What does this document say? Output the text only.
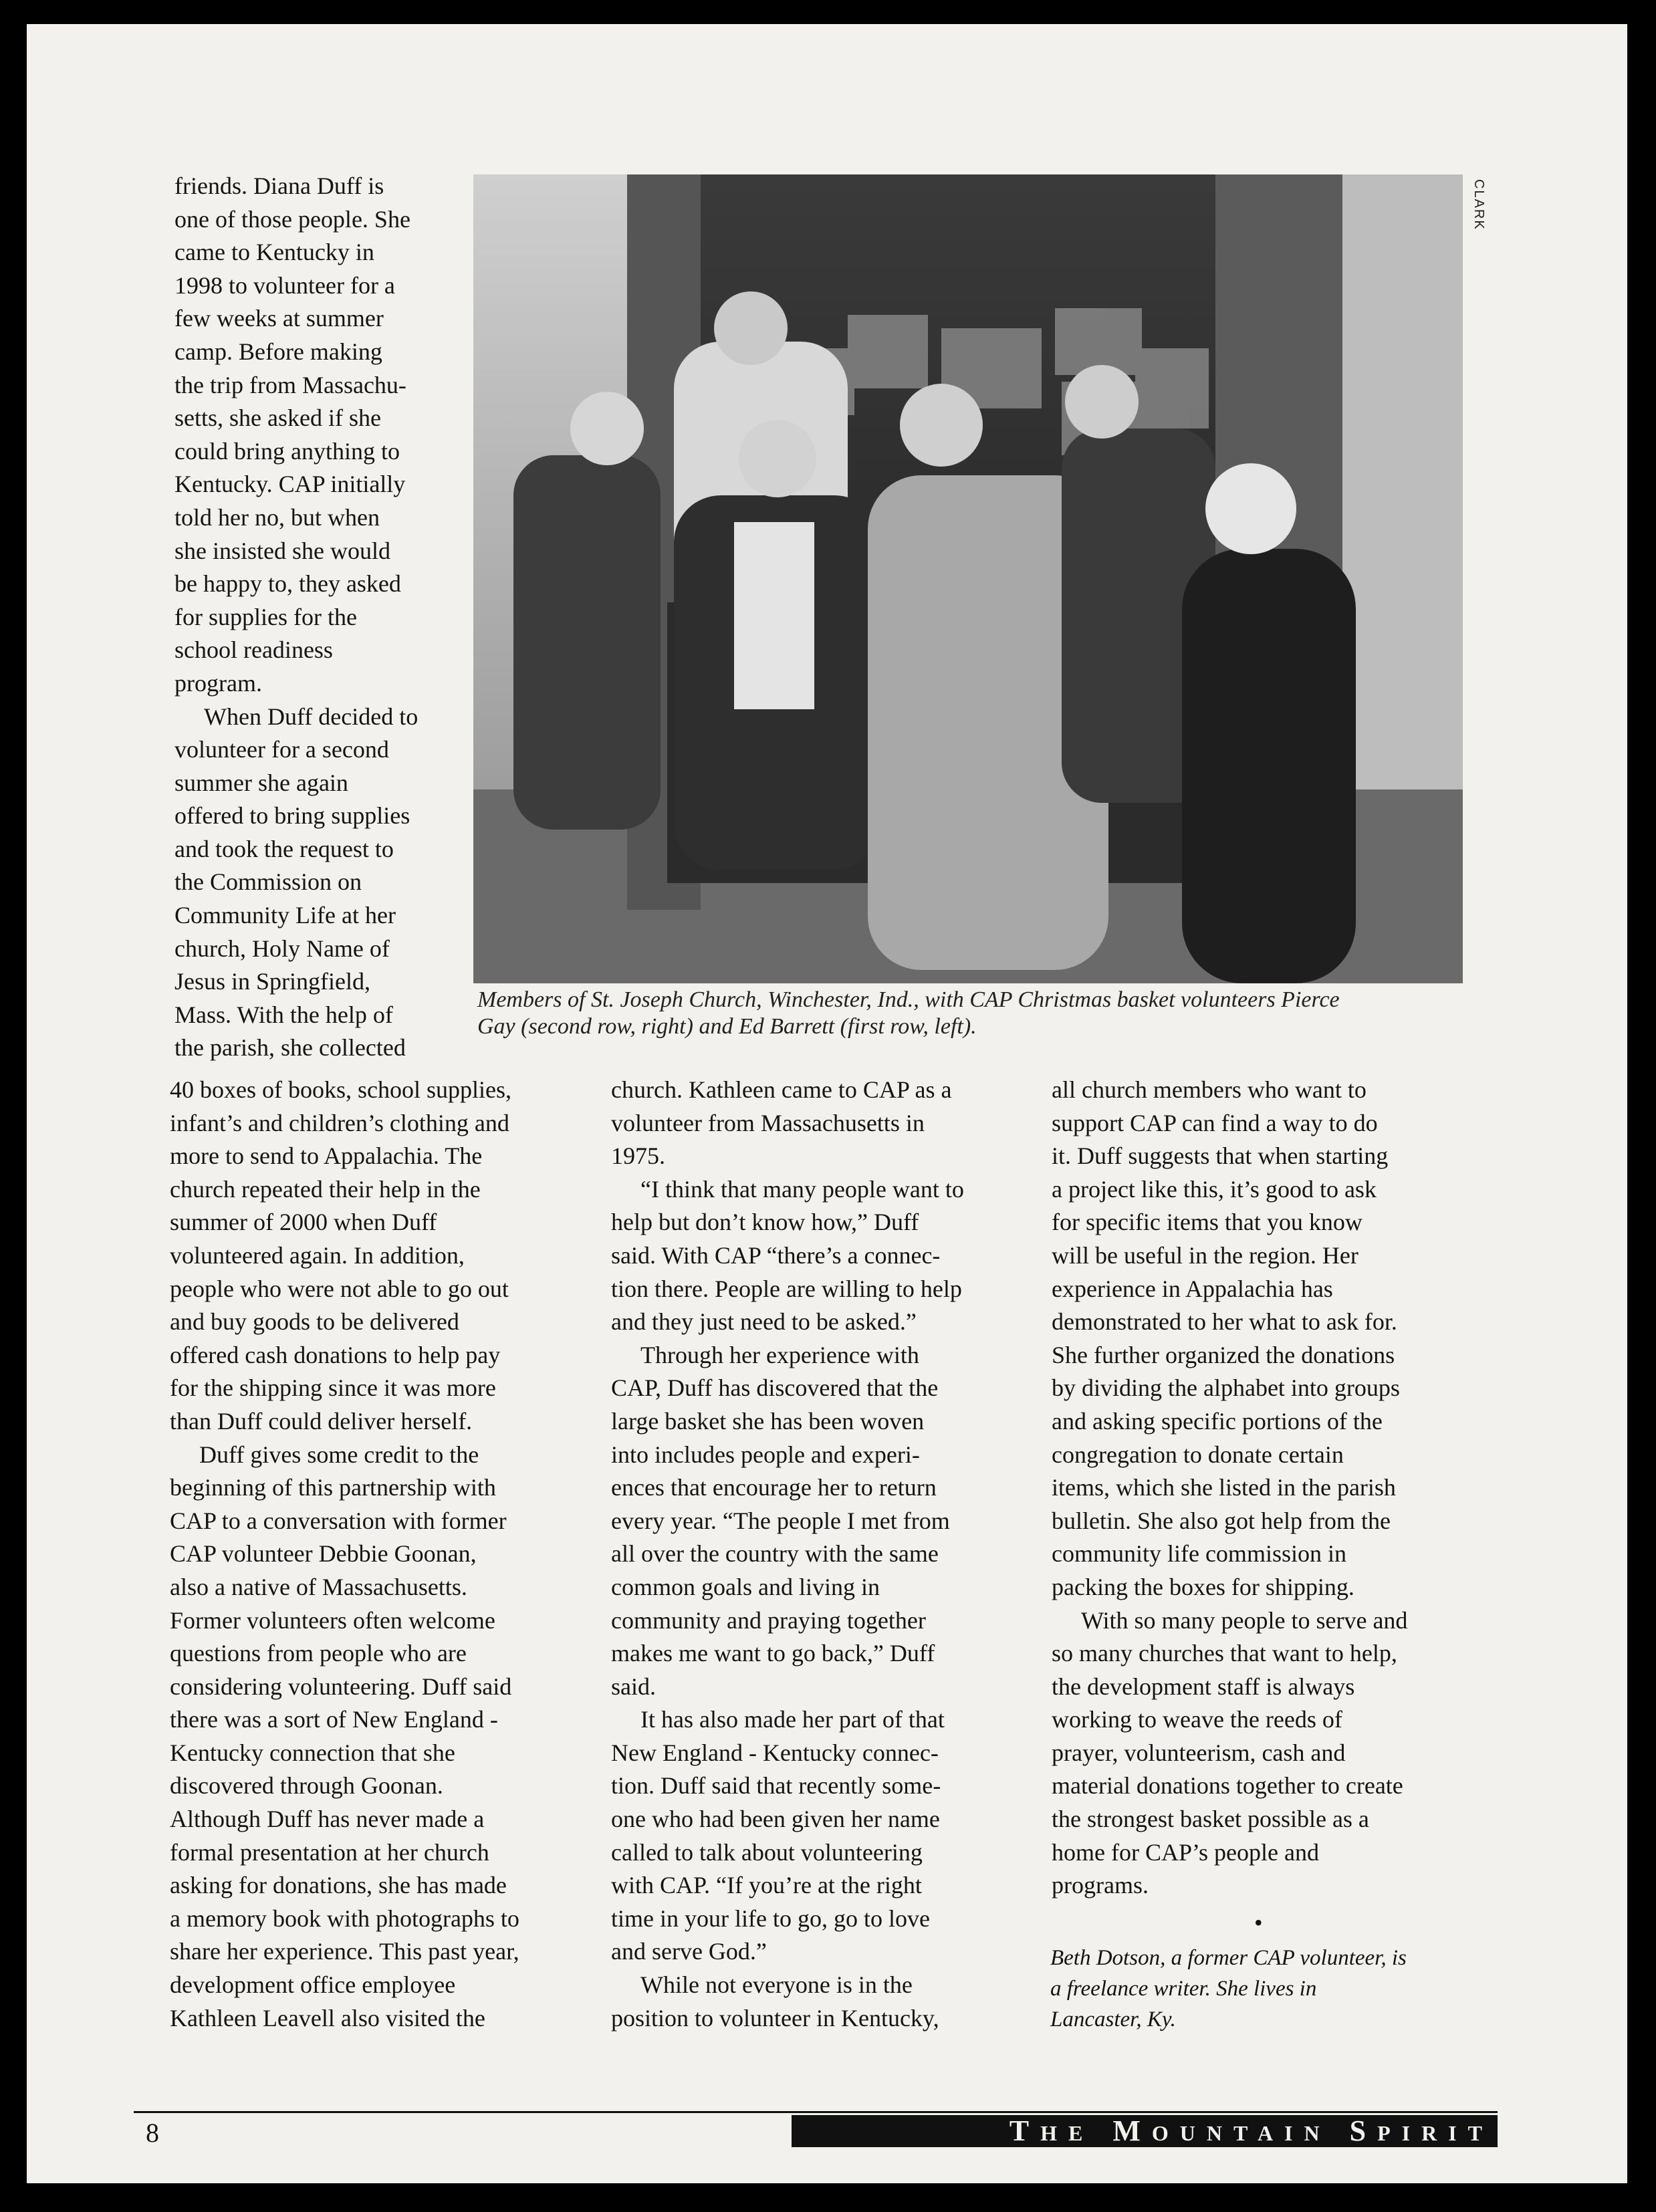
friends. Diana Duff is
one of those people. She
came to Kentucky in
1998 to volunteer for a
few weeks at summer
camp. Before making
the trip from Massachu-
setts, she asked if she
could bring anything to
Kentucky. CAP initially
told her no, but when
she insisted she would
be happy to, they asked
for supplies for the
school readiness
program.

When Duff decided to
volunteer for a second
summer she again
offered to bring supplies
and took the request to
the Commission on
Community Life at her
church, Holy Name of
Jesus in Springfield,
Mass. With the help of
the parish, she collected

CLARK
Members of St. Joseph Church, Winchester, Ind., with CAP Christmas basket volunteers Pierce
Gay (second row, right) and Ed Barrett (first row, left).

40 boxes of books, school supplies,
infant’s and children’s clothing and
more to send to Appalachia. The
church repeated their help in the
summer of 2000 when Duff
volunteered again. In addition,
people who were not able to go out
and buy goods to be delivered
offered cash donations to help pay
for the shipping since it was more
than Duff could deliver herself.

Duff gives some credit to the
beginning of this partnership with
CAP to a conversation with former
CAP volunteer Debbie Goonan,
also a native of Massachusetts.
Former volunteers often welcome
questions from people who are
considering volunteering. Duff said
there was a sort of New England -
Kentucky connection that she
discovered through Goonan.
Although Duff has never made a
formal presentation at her church
asking for donations, she has made
a memory book with photographs to
share her experience. This past year,
development office employee
Kathleen Leavell also visited the

church. Kathleen came to CAP as a
volunteer from Massachusetts in
1975.

“I think that many people want to
help but don’t know how,” Duff
said. With CAP “there’s a connec-
tion there. People are willing to help
and they just need to be asked.”

Through her experience with
CAP, Duff has discovered that the
large basket she has been woven
into includes people and experi-
ences that encourage her to return
every year. “The people I met from
all over the country with the same
common goals and living in
community and praying together
makes me want to go back,” Duff
said.

It has also made her part of that
New England - Kentucky connec-
tion. Duff said that recently some-
one who had been given her name
called to talk about volunteering
with CAP. “If you’re at the right
time in your life to go, go to love
and serve God.”

While not everyone is in the
position to volunteer in Kentucky,

all church members who want to
support CAP can find a way to do
it. Duff suggests that when starting
a project like this, it’s good to ask
for specific items that you know
will be useful in the region. Her
experience in Appalachia has
demonstrated to her what to ask for.
She further organized the donations
by dividing the alphabet into groups
and asking specific portions of the
congregation to donate certain
items, which she listed in the parish
bulletin. She also got help from the
community life commission in
packing the boxes for shipping.

With so many people to serve and
so many churches that want to help,
the development staff is always
working to weave the reeds of
prayer, volunteerism, cash and
material donations together to create
the strongest basket possible as a
home for CAP’s people and
programs.

•
Beth Dotson, a former CAP volunteer, is
a freelance writer. She lives in
Lancaster, Ky.
8	THE MOUNTAIN SPIRIT
